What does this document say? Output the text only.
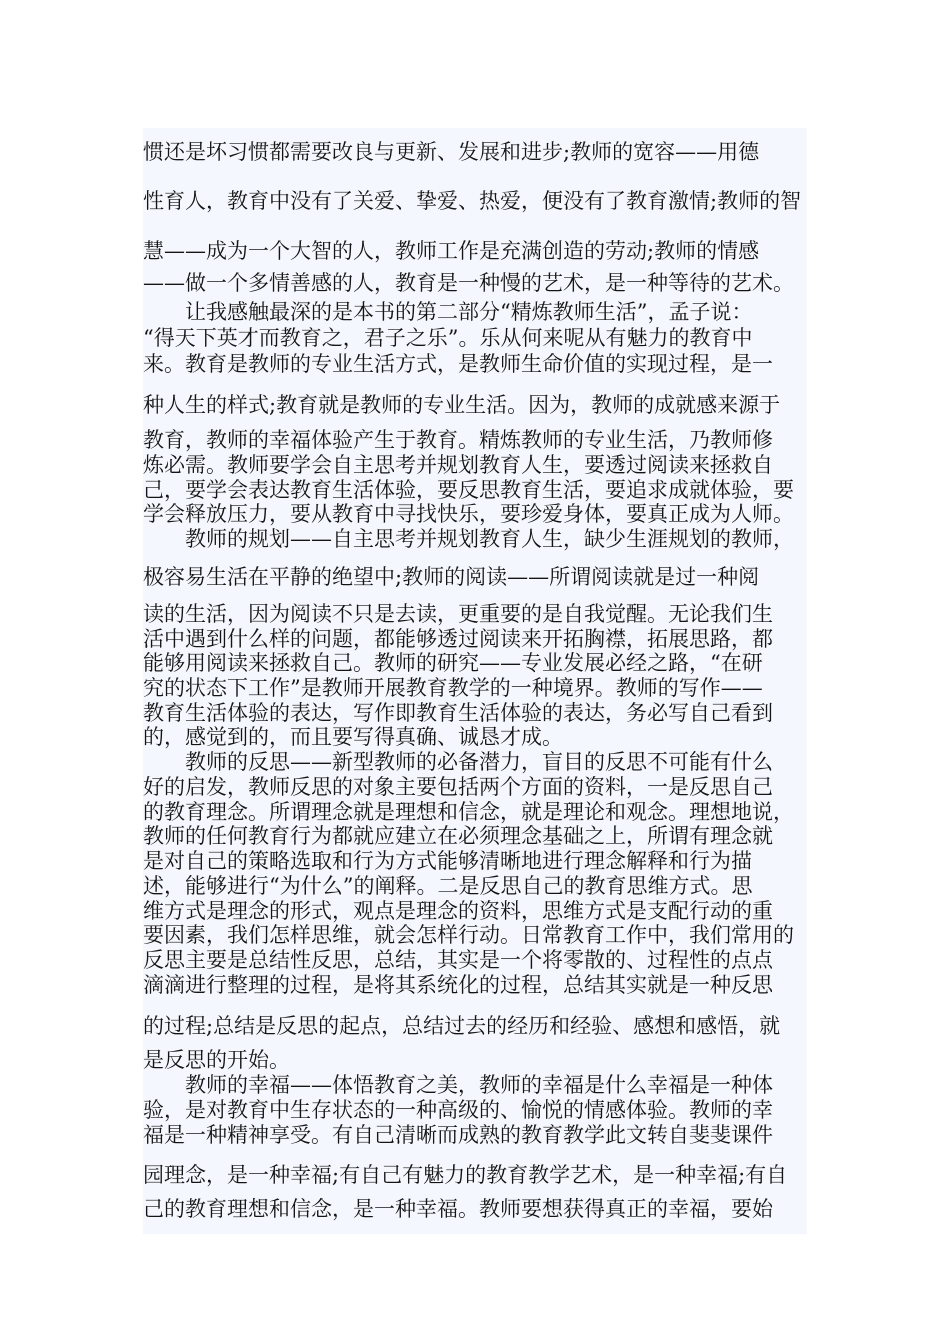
惯还是坏习惯都需要改良与更新、发展和进步;教师的宽容——用德
性育人，教育中没有了关爱、挚爱、热爱，便没有了教育激情;教师的智
慧——成为一个大智的人，教师工作是充满创造的劳动;教师的情感
——做一个多情善感的人，教育是一种慢的艺术，是一种等待的艺术。
让我感触最深的是本书的第二部分“精炼教师生活”，孟子说：
“得天下英才而教育之，君子之乐”。乐从何来呢从有魅力的教育中
来。教育是教师的专业生活方式，是教师生命价值的实现过程，是一
种人生的样式;教育就是教师的专业生活。因为，教师的成就感来源于
教育，教师的幸福体验产生于教育。精炼教师的专业生活，乃教师修
炼必需。教师要学会自主思考并规划教育人生，要透过阅读来拯救自
己，要学会表达教育生活体验，要反思教育生活，要追求成就体验，要
学会释放压力，要从教育中寻找快乐，要珍爱身体，要真正成为人师。
教师的规划——自主思考并规划教育人生，缺少生涯规划的教师，
极容易生活在平静的绝望中;教师的阅读——所谓阅读就是过一种阅
读的生活，因为阅读不只是去读，更重要的是自我觉醒。无论我们生
活中遇到什么样的问题，都能够透过阅读来开拓胸襟，拓展思路，都
能够用阅读来拯救自己。教师的研究——专业发展必经之路，“在研
究的状态下工作”是教师开展教育教学的一种境界。教师的写作——
教育生活体验的表达，写作即教育生活体验的表达，务必写自己看到
的，感觉到的，而且要写得真确、诚恳才成。
教师的反思——新型教师的必备潜力，盲目的反思不可能有什么
好的启发，教师反思的对象主要包括两个方面的资料，一是反思自己
的教育理念。所谓理念就是理想和信念，就是理论和观念。理想地说，
教师的任何教育行为都就应建立在必须理念基础之上，所谓有理念就
是对自己的策略选取和行为方式能够清晰地进行理念解释和行为描
述，能够进行“为什么”的阐释。二是反思自己的教育思维方式。思
维方式是理念的形式，观点是理念的资料，思维方式是支配行动的重
要因素，我们怎样思维，就会怎样行动。日常教育工作中，我们常用的
反思主要是总结性反思，总结，其实是一个将零散的、过程性的点点
滴滴进行整理的过程，是将其系统化的过程，总结其实就是一种反思
的过程;总结是反思的起点，总结过去的经历和经验、感想和感悟，就
是反思的开始。
教师的幸福——体悟教育之美，教师的幸福是什么幸福是一种体
验，是对教育中生存状态的一种高级的、愉悦的情感体验。教师的幸
福是一种精神享受。有自己清晰而成熟的教育教学此文转自斐斐课件
园理念，是一种幸福;有自己有魅力的教育教学艺术，是一种幸福;有自
己的教育理想和信念，是一种幸福。教师要想获得真正的幸福，要始
